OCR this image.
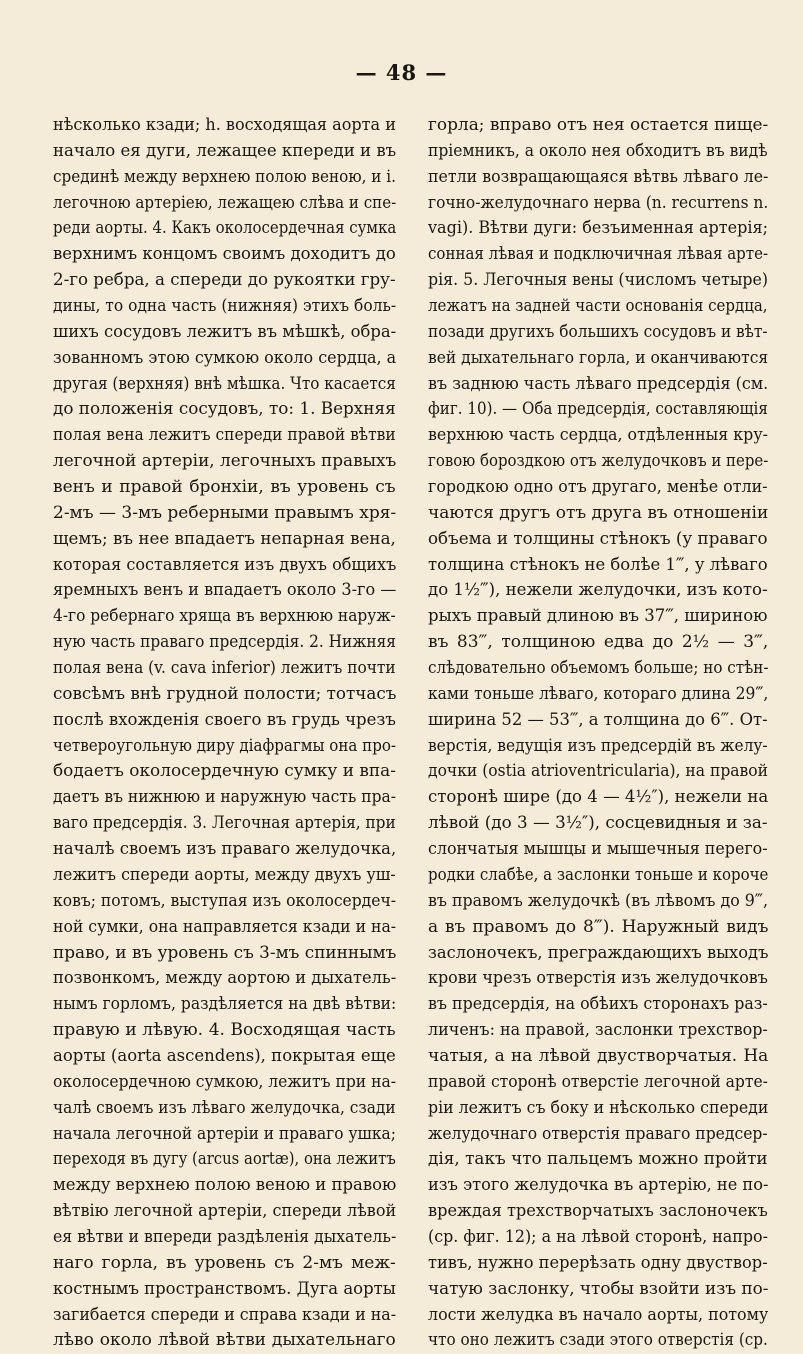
— 48 —
нѣсколько кзади; h. восходящая аорта и
начало ея дуги, лежащее кпереди и въ
срединѣ между верхнею полою веною, и i.
легочною артеріею, лежащею слѣва и спе-
реди аорты. 4. Какъ околосердечная сумка
верхнимъ концомъ своимъ доходитъ до
2-го ребра, а спереди до рукоятки гру-
дины, то одна часть (нижняя) этихъ боль-
шихъ сосудовъ лежитъ въ мѣшкѣ, обра-
зованномъ этою сумкою около сердца, а
другая (верхняя) внѣ мѣшка. Что касается
до положенія сосудовъ, то: 1. Верхняя
полая вена лежитъ спереди правой вѣтви
легочной артеріи, легочныхъ правыхъ
венъ и правой бронхіи, въ уровень съ
2-мъ — 3-мъ реберными правымъ хря-
щемъ; въ нее впадаетъ непарная вена,
которая составляется изъ двухъ общихъ
яремныхъ венъ и впадаетъ около 3-го —
4-го ребернаго хряща въ верхнюю наруж-
ную часть праваго предсердія. 2. Нижняя
полая вена (v. cava inferior) лежитъ почти
совсѣмъ внѣ грудной полости; тотчасъ
послѣ вхожденія своего въ грудь чрезъ
четвероугольную диру діафрагмы она про-
бодаетъ околосердечную сумку и впа-
даетъ въ нижнюю и наружную часть пра-
ваго предсердія. 3. Легочная артерія, при
началѣ своемъ изъ праваго желудочка,
лежитъ спереди аорты, между двухъ уш-
ковъ; потомъ, выступая изъ околосердеч-
ной сумки, она направляется кзади и на-
право, и въ уровень съ 3-мъ спиннымъ
позвонкомъ, между аортою и дыхатель-
нымъ горломъ, раздѣляется на двѣ вѣтви:
правую и лѣвую. 4. Восходящая часть
аорты (aorta ascendens), покрытая еще
околосердечною сумкою, лежитъ при на-
чалѣ своемъ изъ лѣваго желудочка, сзади
начала легочной артеріи и праваго ушка;
переходя въ дугу (arcus aortæ), она лежитъ
между верхнею полою веною и правою
вѣтвію легочной артеріи, спереди лѣвой
ея вѣтви и впереди раздѣленія дыхатель-
наго горла, въ уровень съ 2-мъ меж-
костнымъ пространствомъ. Дуга аорты
загибается спереди и справа кзади и на-
лѣво около лѣвой вѣтви дыхательнаго
горла; вправо отъ нея остается пище-
пріемникъ, а около нея обходитъ въ видѣ
петли возвращающаяся вѣтвь лѣваго ле-
гочно-желудочнаго нерва (n. recurrens n.
vagi). Вѣтви дуги: безъименная артерія;
сонная лѣвая и подключичная лѣвая арте-
рія. 5. Легочныя вены (числомъ четыре)
лежатъ на задней части основанія сердца,
позади другихъ большихъ сосудовъ и вѣт-
вей дыхательнаго горла, и оканчиваются
въ заднюю часть лѣваго предсердія (см.
фиг. 10). — Оба предсердія, составляющія
верхнюю часть сердца, отдѣленныя кру-
говою бороздкою отъ желудочковъ и пере-
городкою одно отъ другаго, менѣе отли-
чаются другъ отъ друга въ отношеніи
объема и толщины стѣнокъ (у праваго
толщина стѣнокъ не болѣе 1‴, у лѣваго
до 1½‴), нежели желудочки, изъ кото-
рыхъ правый длиною въ 37‴, шириною
въ 83‴, толщиною едва до 2½ — 3‴,
слѣдовательно объемомъ больше; но стѣн-
ками тоньше лѣваго, котораго длина 29‴,
ширина 52 — 53‴, а толщина до 6‴. От-
верстія, ведущія изъ предсердій въ желу-
дочки (ostia atrioventricularia), на правой
сторонѣ шире (до 4 — 4½″), нежели на
лѣвой (до 3 — 3½″), сосцевидныя и за-
слончатыя мышцы и мышечныя перего-
родки слабѣе, а заслонки тоньше и короче
въ правомъ желудочкѣ (въ лѣвомъ до 9‴,
а въ правомъ до 8‴). Наружный видъ
заслоночекъ, преграждающихъ выходъ
крови чрезъ отверстія изъ желудочковъ
въ предсердія, на обѣихъ сторонахъ раз-
личенъ: на правой, заслонки трехствор-
чатыя, а на лѣвой двустворчатыя. На
правой сторонѣ отверстіе легочной арте-
ріи лежитъ съ боку и нѣсколько спереди
желудочнаго отверстія праваго предсер-
дія, такъ что пальцемъ можно пройти
изъ этого желудочка въ артерію, не по-
вреждая трехстворчатыхъ заслоночекъ
(ср. фиг. 12); а на лѣвой сторонѣ, напро-
тивъ, нужно перерѣзать одну двуствор-
чатую заслонку, чтобы взойти изъ по-
лости желудка въ начало аорты, потому
что оно лежитъ сзади этого отверстія (ср.
